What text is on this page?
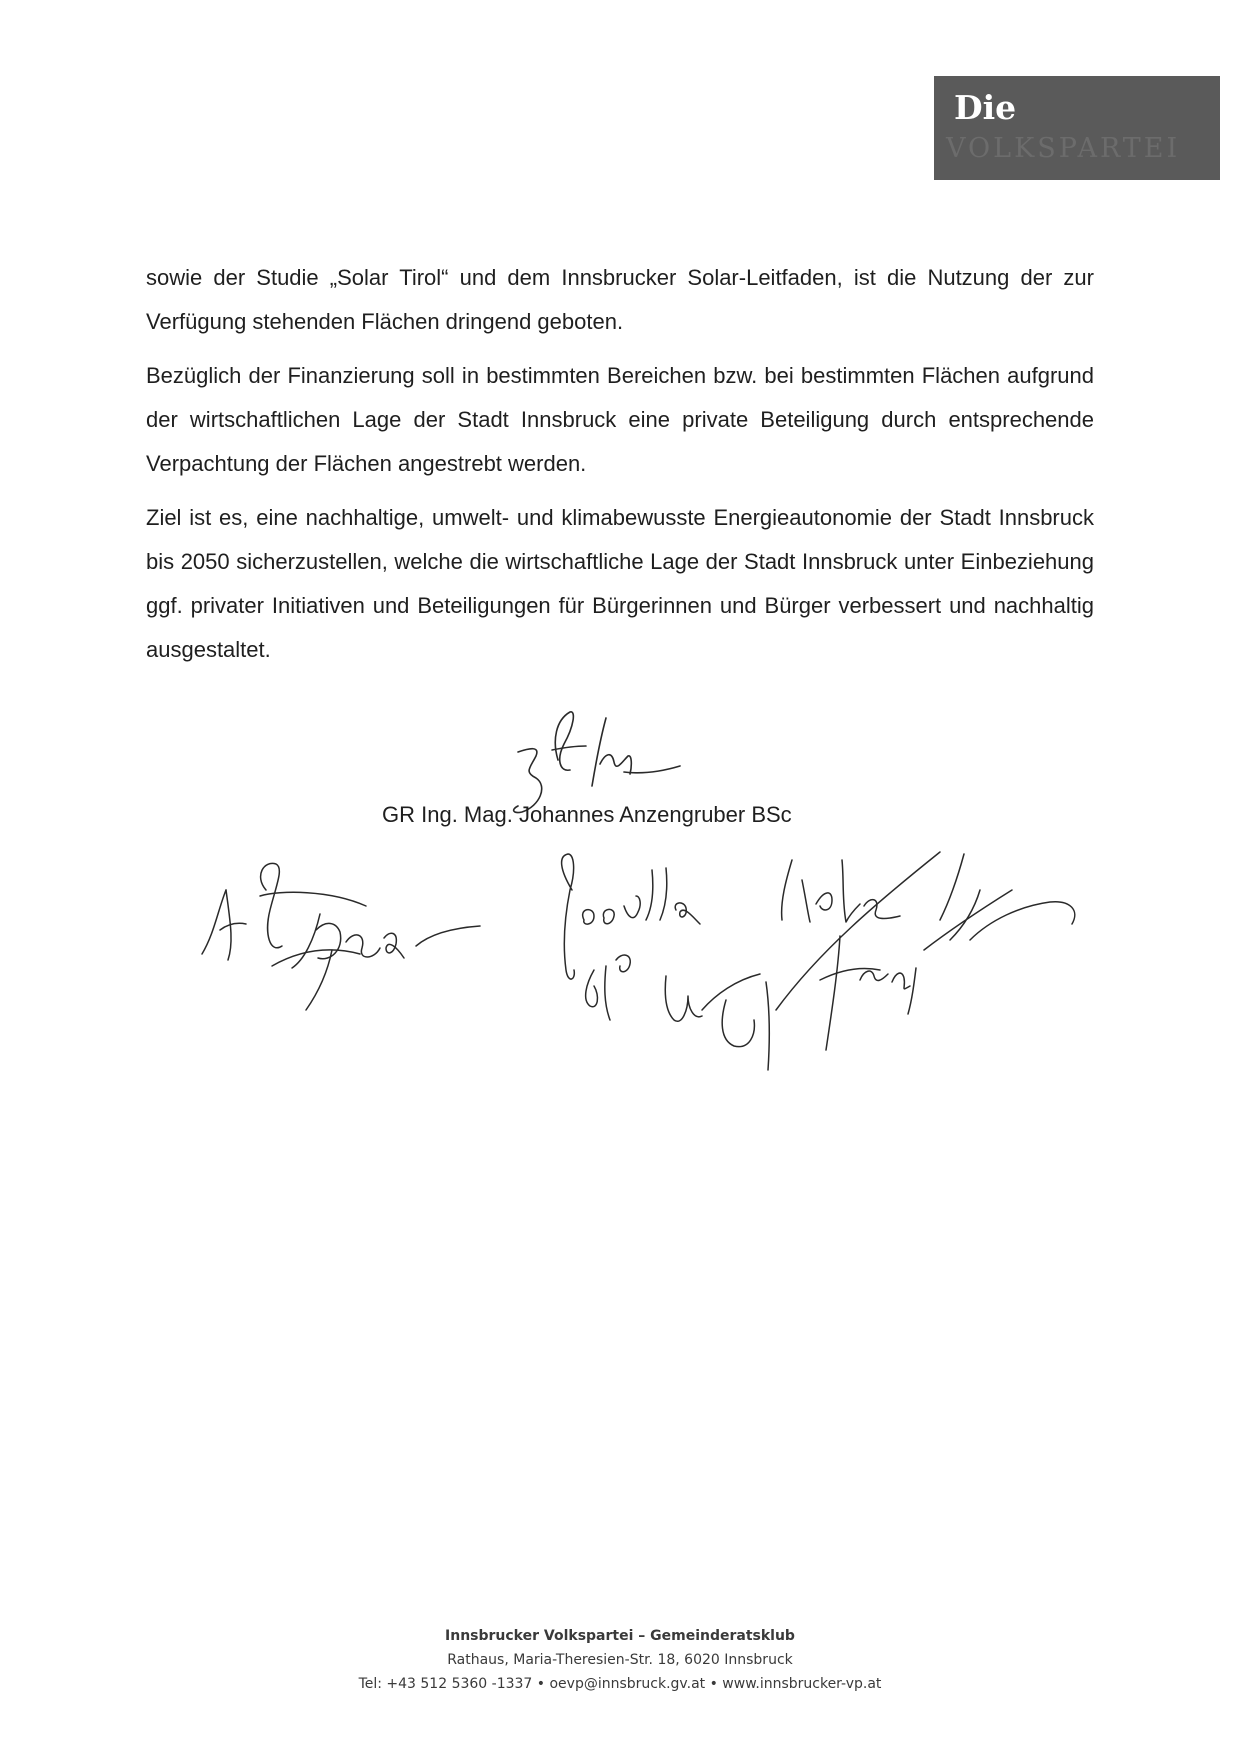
Die
VOLKSPARTEI

sowie der Studie „Solar Tirol“ und dem Innsbrucker Solar-Leitfaden, ist die Nutzung der zur Verfügung stehenden Flächen dringend geboten.

Bezüglich der Finanzierung soll in bestimmten Bereichen bzw. bei bestimmten Flächen aufgrund der wirtschaftlichen Lage der Stadt Innsbruck eine private Beteiligung durch entsprechende Verpachtung der Flächen angestrebt werden.

Ziel ist es, eine nachhaltige, umwelt- und klimabewusste Energieautonomie der Stadt Innsbruck bis 2050 sicherzustellen, welche die wirtschaftliche Lage der Stadt Innsbruck unter Einbeziehung ggf. privater Initiativen und Beteiligungen für Bürgerinnen und Bürger verbessert und nachhaltig ausgestaltet.

GR Ing. Mag. Johannes Anzengruber BSc
Innsbrucker Volkspartei – Gemeinderatsklub
Rathaus, Maria-Theresien-Str. 18, 6020 Innsbruck
Tel: +43 512 5360 -1337 • oevp@innsbruck.gv.at • www.innsbrucker-vp.at
